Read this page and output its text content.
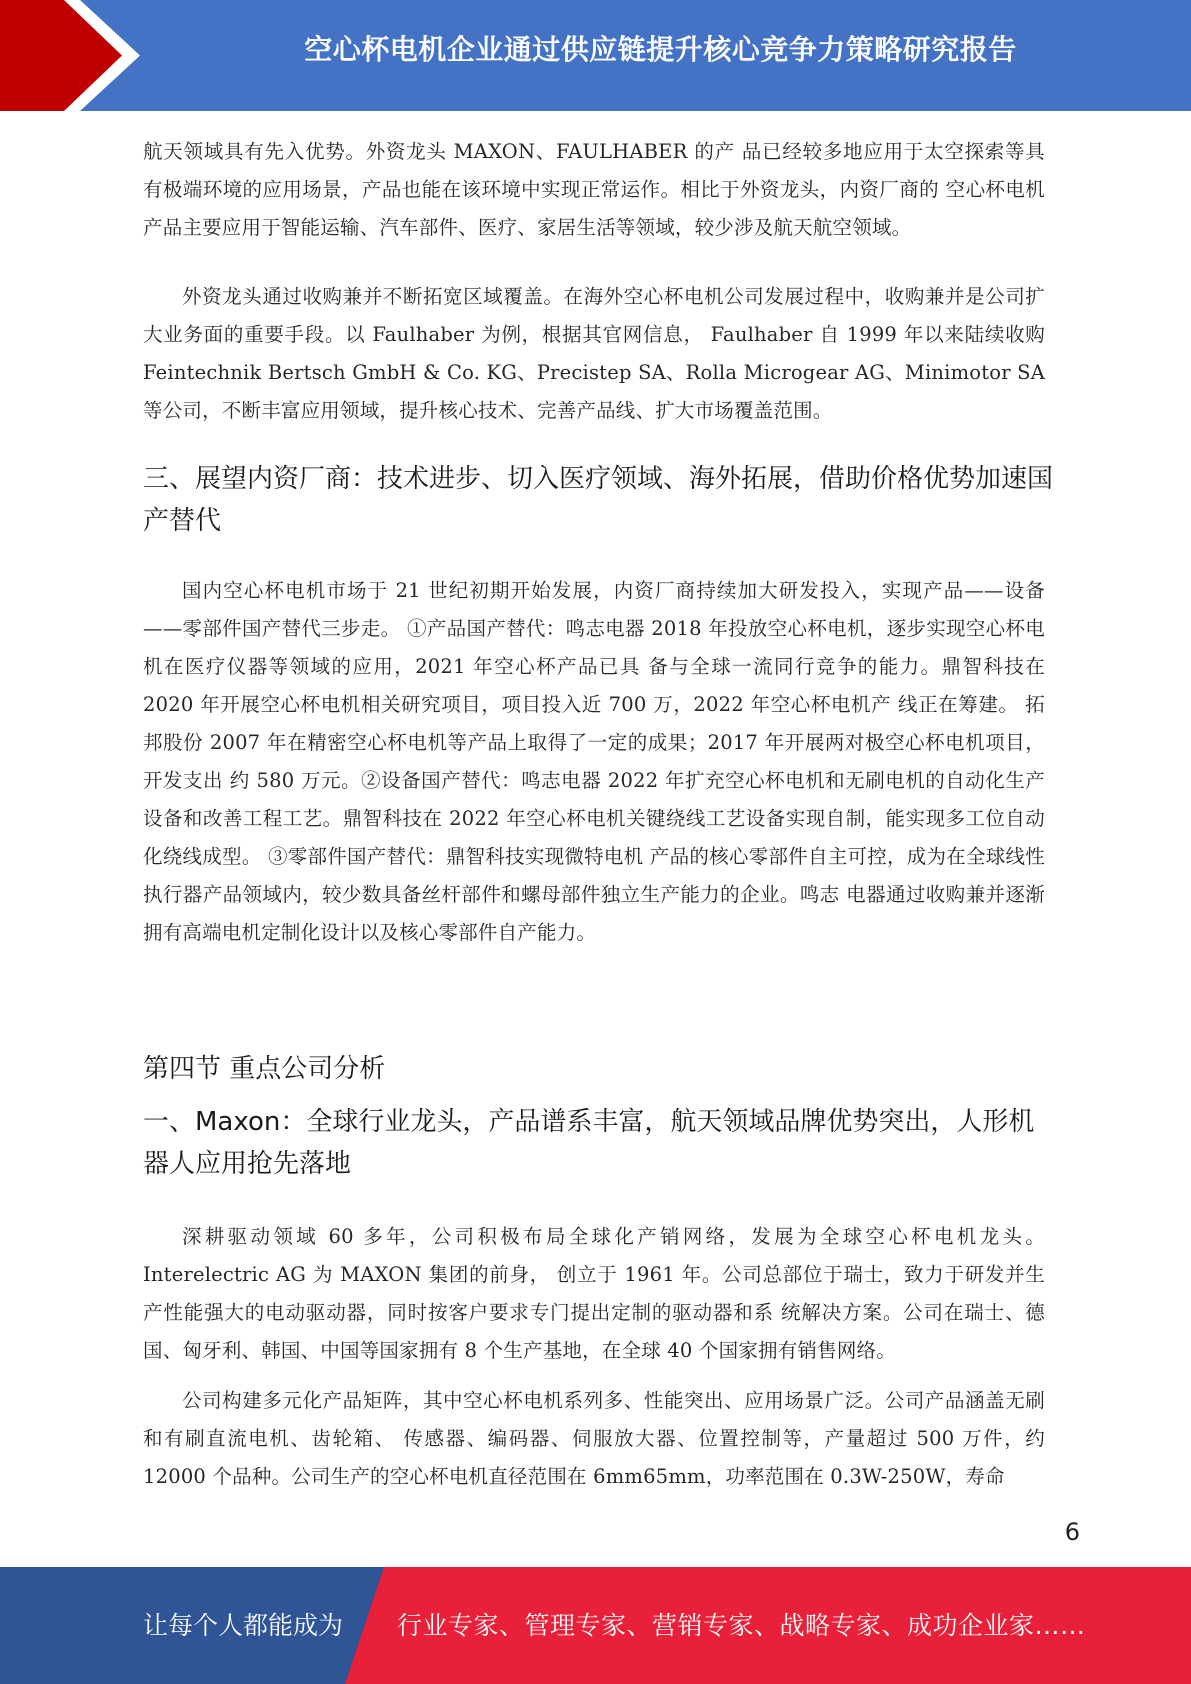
空心杯电机企业通过供应链提升核心竞争力策略研究报告

航天领域具有先入优势。外资龙头 MAXON、FAULHABER 的产 品已经较多地应用于太空探索等具有极端环境的应用场景，产品也能在该环境中实现正常运作。相比于外资龙头，内资厂商的 空心杯电机产品主要应用于智能运输、汽车部件、医疗、家居生活等领域，较少涉及航天航空领域。

外资龙头通过收购兼并不断拓宽区域覆盖。在海外空心杯电机公司发展过程中，收购兼并是公司扩大业务面的重要手段。以 Faulhaber 为例，根据其官网信息， Faulhaber 自 1999 年以来陆续收购 Feintechnik Bertsch GmbH & Co. KG、Precistep SA、Rolla Microgear AG、Minimotor SA 等公司，不断丰富应用领域，提升核心技术、完善产品线、扩大市场覆盖范围。

三、展望内资厂商：技术进步、切入医疗领域、海外拓展，借助价格优势加速国产替代

国内空心杯电机市场于 21 世纪初期开始发展，内资厂商持续加大研发投入，实现产品——设备——零部件国产替代三步走。 ①产品国产替代：鸣志电器 2018 年投放空心杯电机，逐步实现空心杯电机在医疗仪器等领域的应用，2021 年空心杯产品已具 备与全球一流同行竞争的能力。鼎智科技在 2020 年开展空心杯电机相关研究项目，项目投入近 700 万，2022 年空心杯电机产 线正在筹建。 拓邦股份 2007 年在精密空心杯电机等产品上取得了一定的成果；2017 年开展两对极空心杯电机项目，开发支出 约 580 万元。②设备国产替代：鸣志电器 2022 年扩充空心杯电机和无刷电机的自动化生产设备和改善工程工艺。鼎智科技在 2022 年空心杯电机关键绕线工艺设备实现自制，能实现多工位自动化绕线成型。 ③零部件国产替代：鼎智科技实现微特电机 产品的核心零部件自主可控，成为在全球线性执行器产品领域内，较少数具备丝杆部件和螺母部件独立生产能力的企业。鸣志 电器通过收购兼并逐渐拥有高端电机定制化设计以及核心零部件自产能力。

第四节 重点公司分析
一、Maxon：全球行业龙头，产品谱系丰富，航天领域品牌优势突出，人形机器人应用抢先落地

深耕驱动领域 60 多年，公司积极布局全球化产销网络，发展为全球空心杯电机龙头。Interelectric AG 为 MAXON 集团的前身， 创立于 1961 年。公司总部位于瑞士，致力于研发并生产性能强大的电动驱动器，同时按客户要求专门提出定制的驱动器和系 统解决方案。公司在瑞士、德国、匈牙利、韩国、中国等国家拥有 8 个生产基地，在全球 40 个国家拥有销售网络。

公司构建多元化产品矩阵，其中空心杯电机系列多、性能突出、应用场景广泛。公司产品涵盖无刷和有刷直流电机、齿轮箱、 传感器、编码器、伺服放大器、位置控制等，产量超过 500 万件，约 12000 个品种。公司生产的空心杯电机直径范围在 6mm65mm，功率范围在 0.3W-250W，寿命

6
让每个人都能成为 行业专家、管理专家、营销专家、战略专家、成功企业家……
